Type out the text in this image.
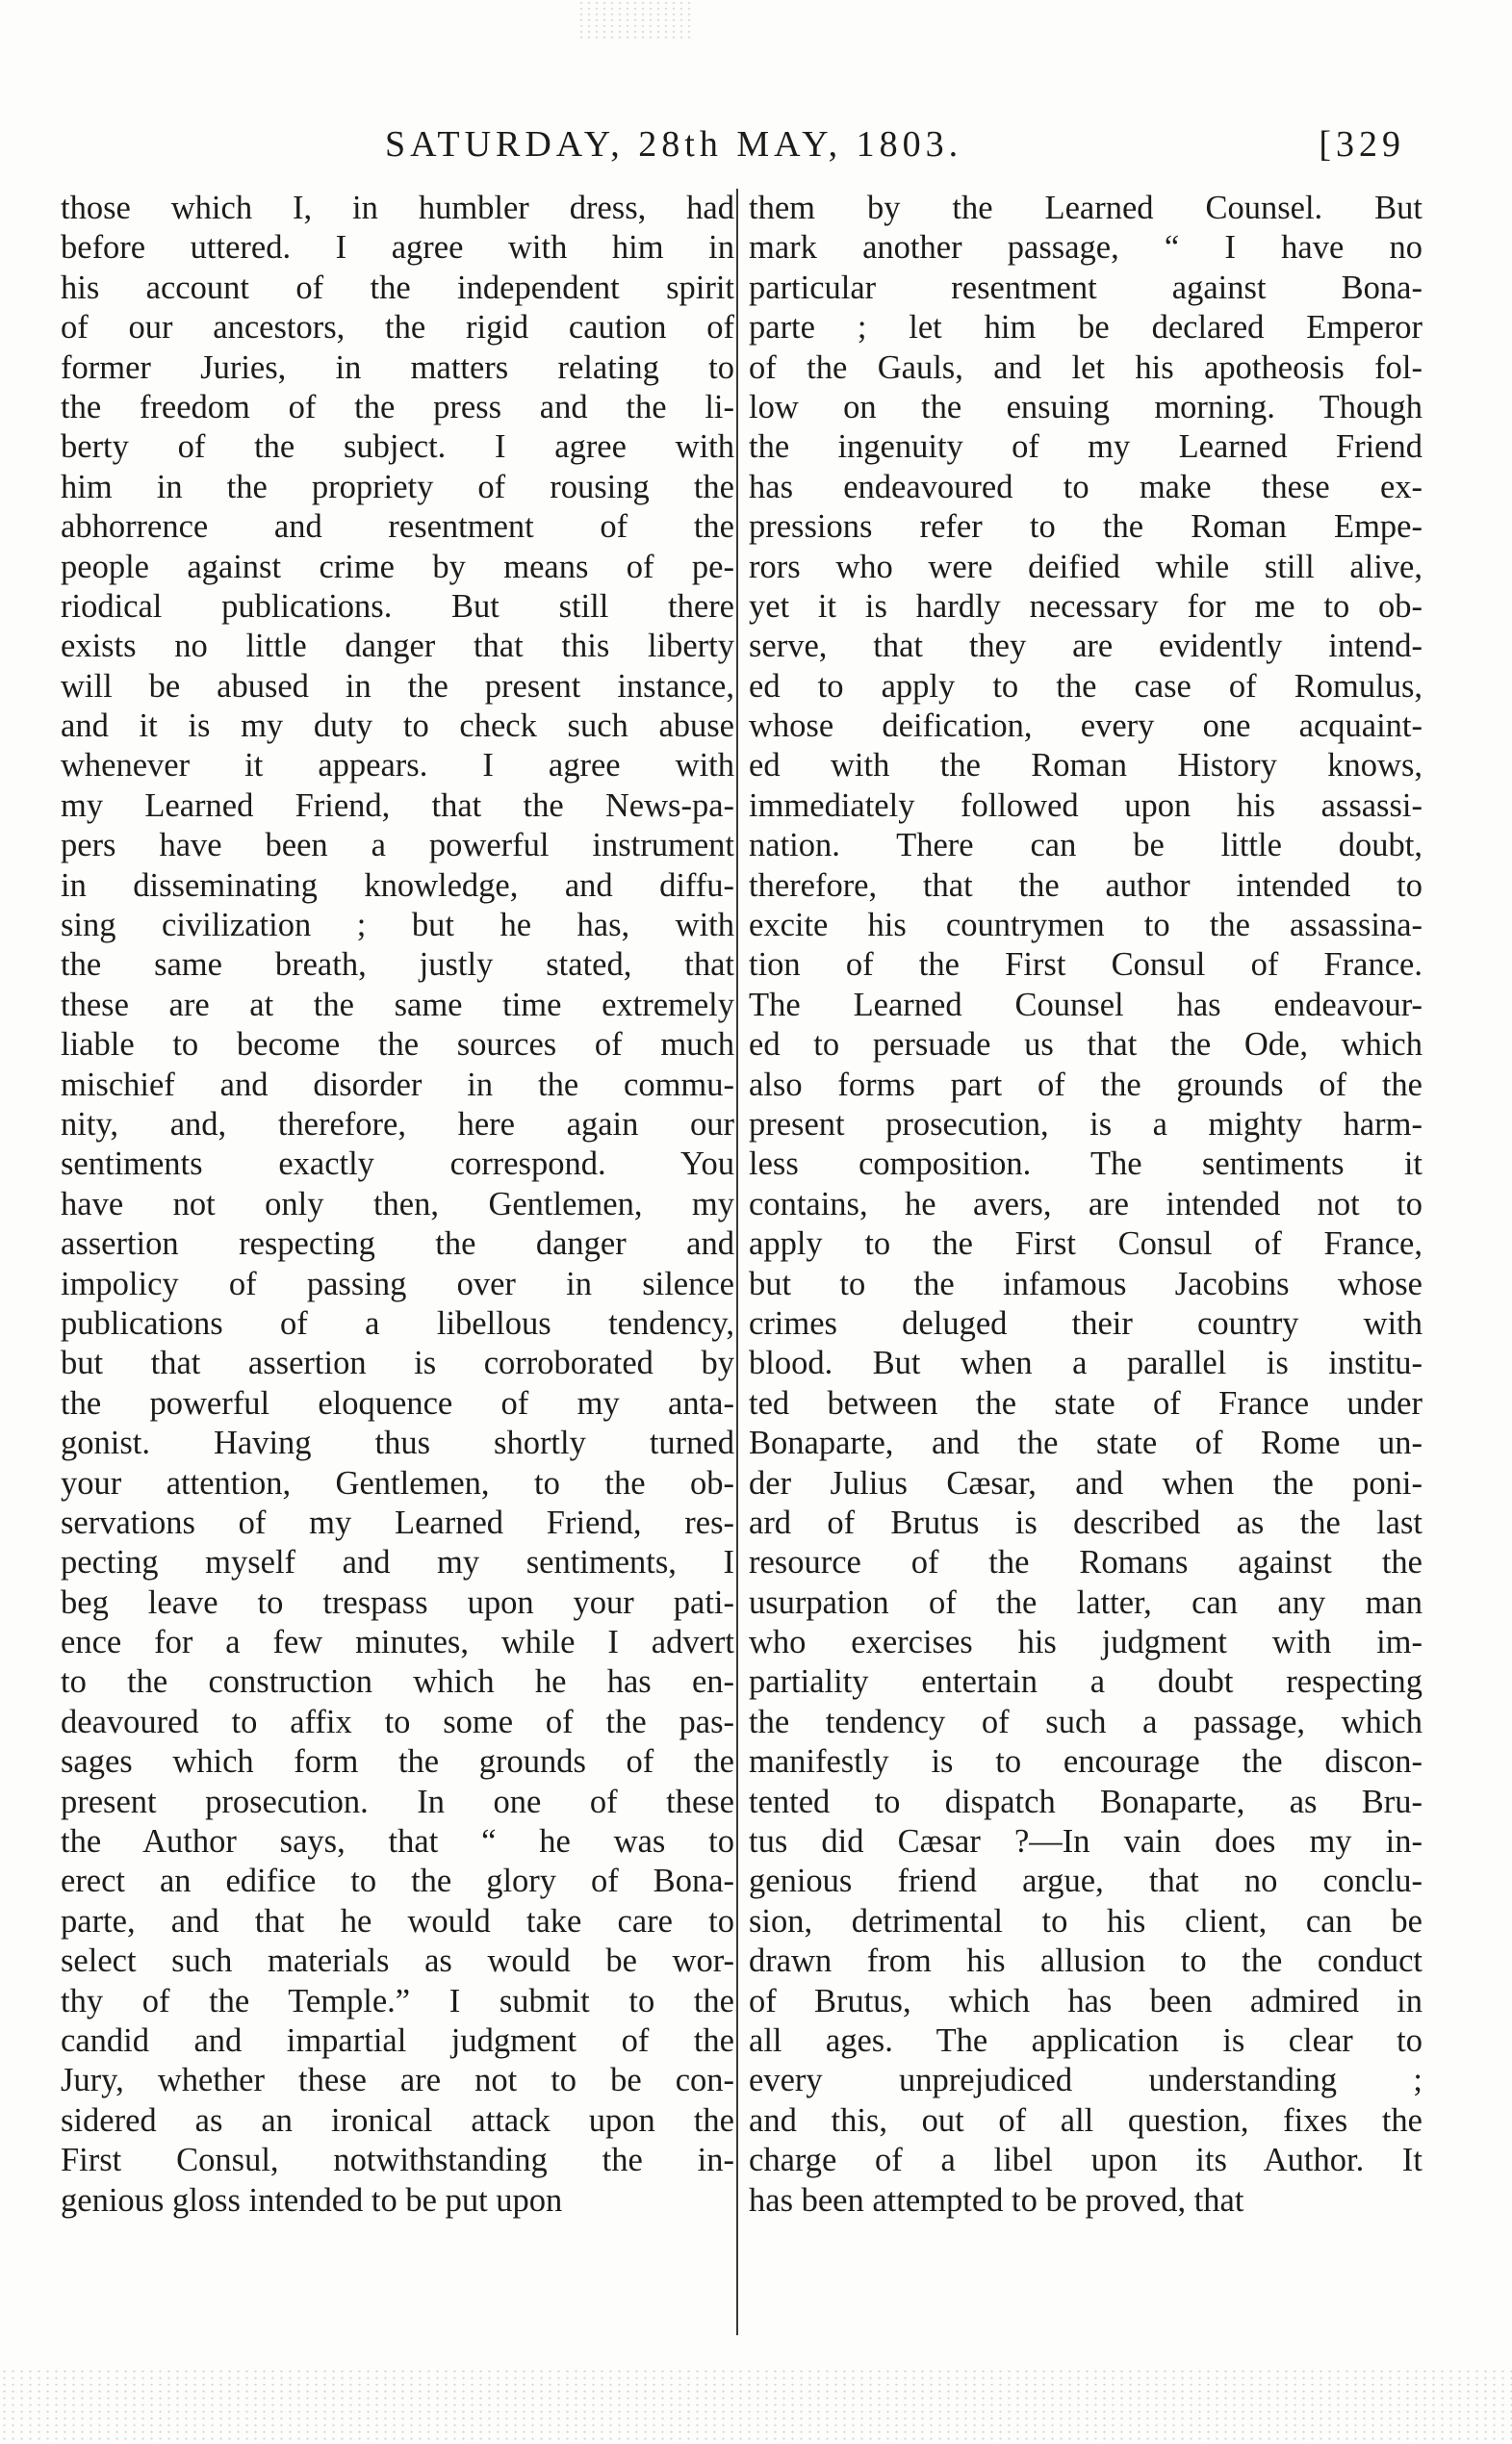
SATURDAY, 28th MAY, 1803.	[329
those which I, in humbler dress, had
before uttered. I agree with him in
his account of the independent spirit
of our ancestors, the rigid caution of
former Juries, in matters relating to
the freedom of the press and the li-
berty of the subject. I agree with
him in the propriety of rousing the
abhorrence and resentment of the
people against crime by means of pe-
riodical publications. But still there
exists no little danger that this liberty
will be abused in the present instance,
and it is my duty to check such abuse
whenever it appears. I agree with
my Learned Friend, that the News-pa-
pers have been a powerful instrument
in disseminating knowledge, and diffu-
sing civilization ; but he has, with
the same breath, justly stated, that
these are at the same time extremely
liable to become the sources of much
mischief and disorder in the commu-
nity, and, therefore, here again our
sentiments exactly correspond. You
have not only then, Gentlemen, my
assertion respecting the danger and
impolicy of passing over in silence
publications of a libellous tendency,
but that assertion is corroborated by
the powerful eloquence of my anta-
gonist. Having thus shortly turned
your attention, Gentlemen, to the ob-
servations of my Learned Friend, res-
pecting myself and my sentiments, I
beg leave to trespass upon your pati-
ence for a few minutes, while I advert
to the construction which he has en-
deavoured to affix to some of the pas-
sages which form the grounds of the
present prosecution. In one of these
the Author says, that “ he was to
erect an edifice to the glory of Bona-
parte, and that he would take care to
select such materials as would be wor-
thy of the Temple.” I submit to the
candid and impartial judgment of the
Jury, whether these are not to be con-
sidered as an ironical attack upon the
First Consul, notwithstanding the in-
genious gloss intended to be put upon
them by the Learned Counsel. But
mark another passage, “ I have no
particular resentment against Bona-
parte ; let him be declared Emperor
of the Gauls, and let his apotheosis fol-
low on the ensuing morning. Though
the ingenuity of my Learned Friend
has endeavoured to make these ex-
pressions refer to the Roman Empe-
rors who were deified while still alive,
yet it is hardly necessary for me to ob-
serve, that they are evidently intend-
ed to apply to the case of Romulus,
whose deification, every one acquaint-
ed with the Roman History knows,
immediately followed upon his assassi-
nation. There can be little doubt,
therefore, that the author intended to
excite his countrymen to the assassina-
tion of the First Consul of France.
The Learned Counsel has endeavour-
ed to persuade us that the Ode, which
also forms part of the grounds of the
present prosecution, is a mighty harm-
less composition. The sentiments it
contains, he avers, are intended not to
apply to the First Consul of France,
but to the infamous Jacobins whose
crimes deluged their country with
blood. But when a parallel is institu-
ted between the state of France under
Bonaparte, and the state of Rome un-
der Julius Cæsar, and when the poni-
ard of Brutus is described as the last
resource of the Romans against the
usurpation of the latter, can any man
who exercises his judgment with im-
partiality entertain a doubt respecting
the tendency of such a passage, which
manifestly is to encourage the discon-
tented to dispatch Bonaparte, as Bru-
tus did Cæsar ?—In vain does my in-
genious friend argue, that no conclu-
sion, detrimental to his client, can be
drawn from his allusion to the conduct
of Brutus, which has been admired in
all ages. The application is clear to
every unprejudiced understanding ;
and this, out of all question, fixes the
charge of a libel upon its Author. It
has been attempted to be proved, that
